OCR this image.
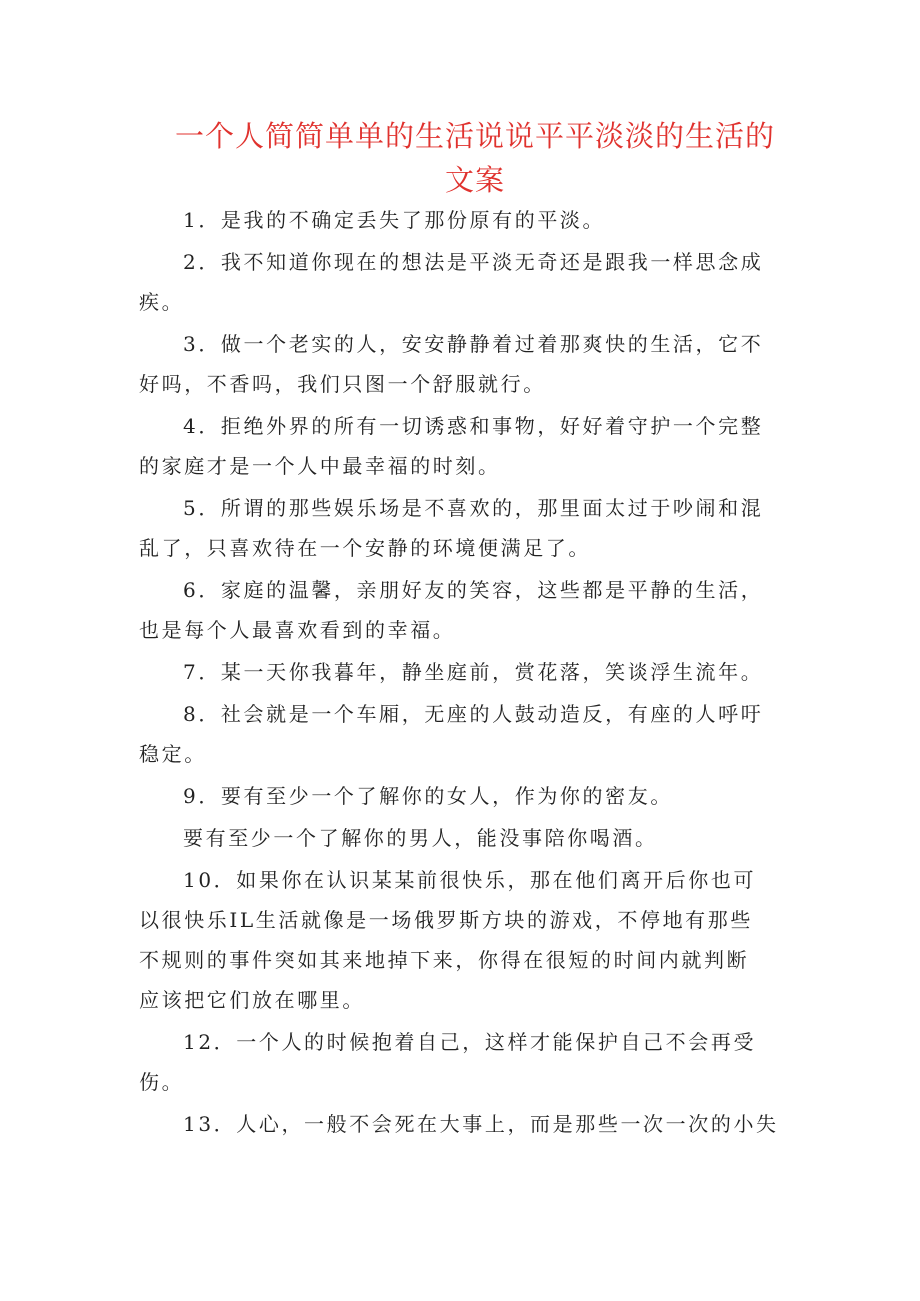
一个人简简单单的生活说说平平淡淡的生活的
文案
1．是我的不确定丢失了那份原有的平淡。
2．我不知道你现在的想法是平淡无奇还是跟我一样思念成
疾。
3．做一个老实的人，安安静静着过着那爽快的生活，它不
好吗，不香吗，我们只图一个舒服就行。
4．拒绝外界的所有一切诱惑和事物，好好着守护一个完整
的家庭才是一个人中最幸福的时刻。
5．所谓的那些娱乐场是不喜欢的，那里面太过于吵闹和混
乱了，只喜欢待在一个安静的环境便满足了。
6．家庭的温馨，亲朋好友的笑容，这些都是平静的生活，
也是每个人最喜欢看到的幸福。
7．某一天你我暮年，静坐庭前，赏花落，笑谈浮生流年。
8．社会就是一个车厢，无座的人鼓动造反，有座的人呼吁
稳定。
9．要有至少一个了解你的女人，作为你的密友。
要有至少一个了解你的男人，能没事陪你喝酒。
10．如果你在认识某某前很快乐，那在他们离开后你也可
以很快乐IL生活就像是一场俄罗斯方块的游戏，不停地有那些
不规则的事件突如其来地掉下来，你得在很短的时间内就判断
应该把它们放在哪里。
12．一个人的时候抱着自己，这样才能保护自己不会再受
伤。
13．人心，一般不会死在大事上，而是那些一次一次的小失
